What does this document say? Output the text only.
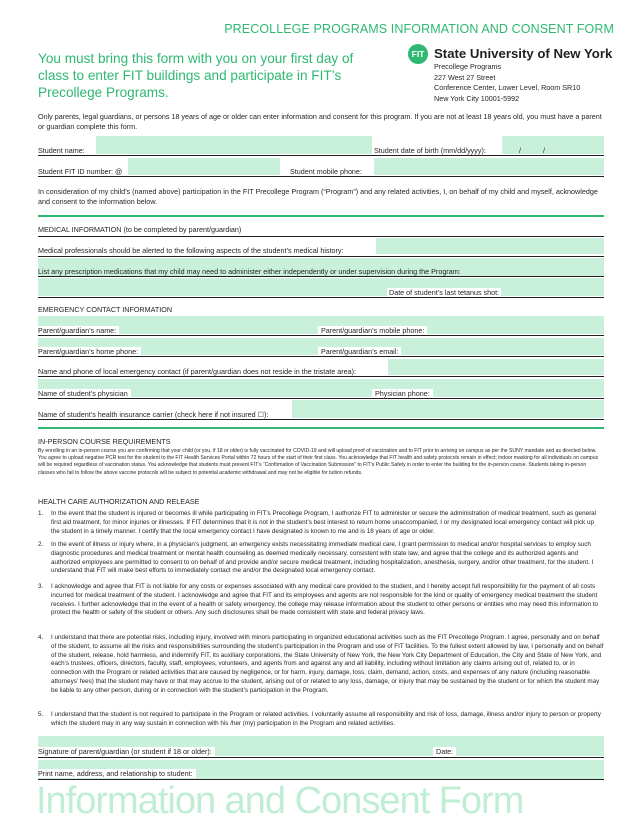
PRECOLLEGE PROGRAMS INFORMATION AND CONSENT FORM
You must bring this form with you on your first day of class to enter FIT buildings and participate in FIT’s Precollege Programs.
FIT State University of New York
Precollege Programs
227 West 27 Street
Conference Center, Lower Level, Room SR10
New York City 10001-5992
Only parents, legal guardians, or persons 18 years of age or older can enter information and consent for this program. If you are not at least 18 years old, you must have a parent or guardian complete this form.
Student name:	Student date of birth (mm/dd/yyyy):	/	/
Student FIT ID number: @	Student mobile phone:
In consideration of my child’s (named above) participation in the FIT Precollege Program (“Program”) and any related activities, I, on behalf of my child and myself, acknowledge and consent to the information below.
MEDICAL INFORMATION (to be completed by parent/guardian)
Medical professionals should be alerted to the following aspects of the student’s medical history:
List any prescription medications that my child may need to administer either independently or under supervision during the Program:
Date of student’s last tetanus shot:
EMERGENCY CONTACT INFORMATION
Parent/guardian’s name:	Parent/guardian’s mobile phone:
Parent/guardian’s home phone:	Parent/guardian’s email:
Name and phone of local emergency contact (if parent/guardian does not reside in the tristate area):
Name of student’s physician	Physician phone:
Name of student’s health insurance carrier (check here if not insured ☐):
IN-PERSON COURSE REQUIREMENTS
By enrolling in an in-person course you are confirming that your child (or you, if 18 or older) is fully vaccinated for COVID-19 and will upload proof of vaccination and to FIT prior to arriving on campus as per the SUNY mandate and as directed below. You agree to upload negative PCR test for the student to the FIT Health Services Portal within 72 hours of the start of their first class. You acknowledge that FIT health and safety protocols remain in effect; indoor masking for all individuals on campus will be required regardless of vaccination status. You acknowledge that students must present FIT’s “Confirmation of Vaccination Submission” to FIT’s Public Safety in order to enter the building for the in-person course. Students taking in-person classes who fail to follow the above vaccine protocols will be subject to potential academic withdrawal and may not be eligible for tuition refunds.
HEALTH CARE AUTHORIZATION AND RELEASE
1. In the event that the student is injured or becomes ill while participating in FIT’s Precollege Program, I authorize FIT to administer or secure the administration of medical treatment, such as general first aid treatment, for minor injuries or illnesses. If FIT determines that it is not in the student’s best interest to return home unaccompanied, I or my designated local emergency contact will pick up the student in a timely manner. I certify that the local emergency contact I have designated is known to me and is 18 years of age or older.
2. In the event of illness or injury where, in a physician’s judgment, an emergency exists necessitating immediate medical care, I grant permission to medical and/or hospital services to employ such diagnostic procedures and medical treatment or mental health counseling as deemed medically necessary, consistent with state law, and agree that the college and its authorized agents and authorized employees are permitted to consent to on behalf of and provide and/or secure medical treatment, including hospitalization, anesthesia, surgery, and/or other treatment, for the student. I understand that FIT will make best efforts to immediately contact me and/or the designated local emergency contact.
3. I acknowledge and agree that FIT is not liable for any costs or expenses associated with any medical care provided to the student, and I hereby accept full responsibility for the payment of all costs incurred for medical treatment of the student. I acknowledge and agree that FIT and its employees and agents are not responsible for the kind or quality of emergency medical treatment the student receives. I further acknowledge that in the event of a health or safety emergency, the college may release information about the student to other persons or entities who may need this information to protect the health or safety of the student or others. Any such disclosures shall be made consistent with state and federal privacy laws.
4. I understand that there are potential risks, including injury, involved with minors participating in organized educational activities such as the FIT Precollege Program. I agree, personally and on behalf of the student, to assume all the risks and responsibilities surrounding the student’s participation in the Program and use of FIT facilities. To the fullest extent allowed by law, I personally and on behalf of the student, release, hold harmless, and indemnify FIT, its auxiliary corporations, the State University of New York, the New York City Department of Education, the City and State of New York, and each’s trustees, officers, directors, faculty, staff, employees, volunteers, and agents from and against any and all liability, including without limitation any claims arising out of, related to, or in connection with the Program or related activities that are caused by negligence, or for harm, injury, damage, loss, claim, demand, action, costs, and expenses of any nature (including reasonable attorneys’ fees) that the student may have or that may accrue to the student, arising out of or related to any loss, damage, or injury that may be sustained by the student or for which the student may be liable to any other person, during or in connection with the student’s participation in the Program.
5. I understand that the student is not required to participate in the Program or related activities. I voluntarily assume all responsibility and risk of loss, damage, illness and/or injury to person or property which the student may in any way sustain in connection with his /her (my) participation in the Program and related activities.
Signature of parent/guardian (or student if 18 or older):	Date:
Print name, address, and relationship to student:
Information and Consent Form
